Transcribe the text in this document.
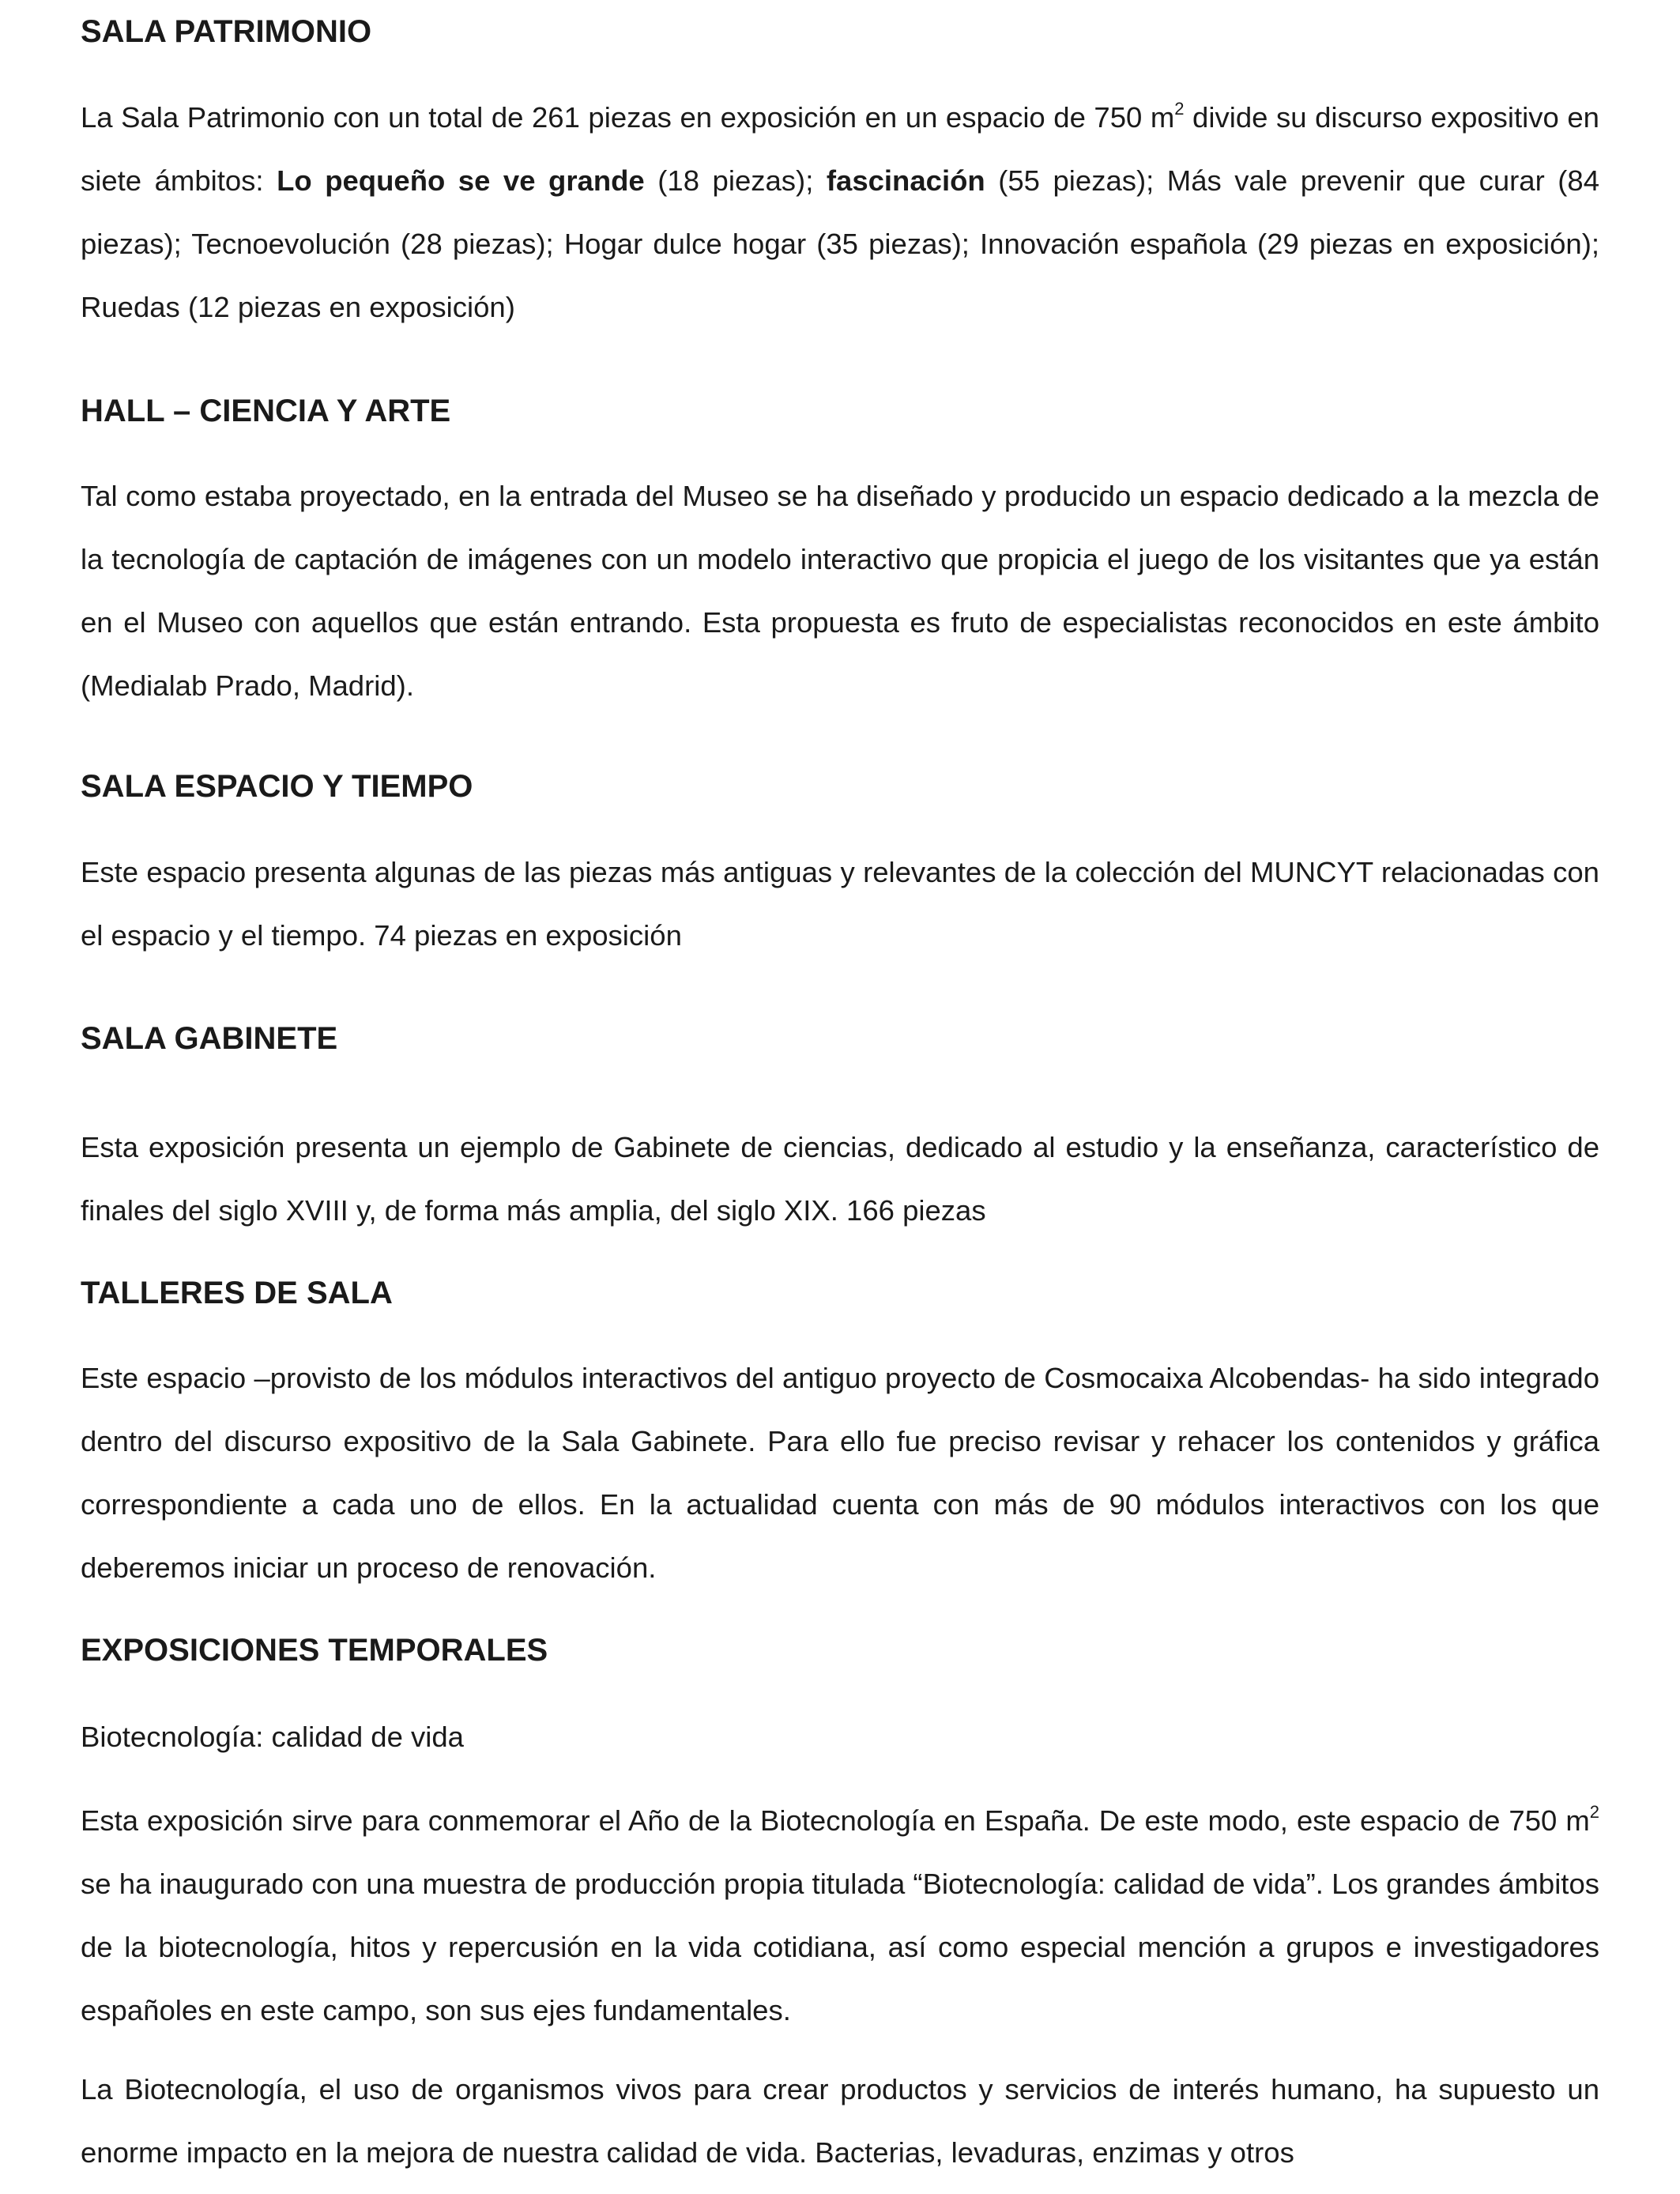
SALA PATRIMONIO

La Sala Patrimonio con un total de 261 piezas en exposición en un espacio de 750 $m^2$ divide su discurso expositivo en siete ámbitos: Lo pequeño se ve grande (18 piezas); fascinación (55 piezas); Más vale prevenir que curar (84 piezas); Tecnoevolución (28 piezas); Hogar dulce hogar (35 piezas); Innovación española (29 piezas en exposición); Ruedas (12 piezas en exposición)

HALL – CIENCIA Y ARTE

Tal como estaba proyectado, en la entrada del Museo se ha diseñado y producido un espacio dedicado a la mezcla de la tecnología de captación de imágenes con un modelo interactivo que propicia el juego de los visitantes que ya están en el Museo con aquellos que están entrando. Esta propuesta es fruto de especialistas reconocidos en este ámbito (Medialab Prado, Madrid).

SALA ESPACIO Y TIEMPO

Este espacio presenta algunas de las piezas más antiguas y relevantes de la colección del MUNCYT relacionadas con el espacio y el tiempo. 74 piezas en exposición

SALA GABINETE

Esta exposición presenta un ejemplo de Gabinete de ciencias, dedicado al estudio y la enseñanza, característico de finales del siglo XVIII y, de forma más amplia, del siglo XIX. 166 piezas

TALLERES DE SALA

Este espacio –provisto de los módulos interactivos del antiguo proyecto de Cosmocaixa Alcobendas- ha sido integrado dentro del discurso expositivo de la Sala Gabinete. Para ello fue preciso revisar y rehacer los contenidos y gráfica correspondiente a cada uno de ellos. En la actualidad cuenta con más de 90 módulos interactivos con los que deberemos iniciar un proceso de renovación.

EXPOSICIONES TEMPORALES

Biotecnología: calidad de vida

Esta exposición sirve para conmemorar el Año de la Biotecnología en España. De este modo, este espacio de 750 $m^2$ se ha inaugurado con una muestra de producción propia titulada “Biotecnología: calidad de vida”. Los grandes ámbitos de la biotecnología, hitos y repercusión en la vida cotidiana, así como especial mención a grupos e investigadores españoles en este campo, son sus ejes fundamentales.

La Biotecnología, el uso de organismos vivos para crear productos y servicios de interés humano, ha supuesto un enorme impacto en la mejora de nuestra calidad de vida. Bacterias, levaduras, enzimas y otros
